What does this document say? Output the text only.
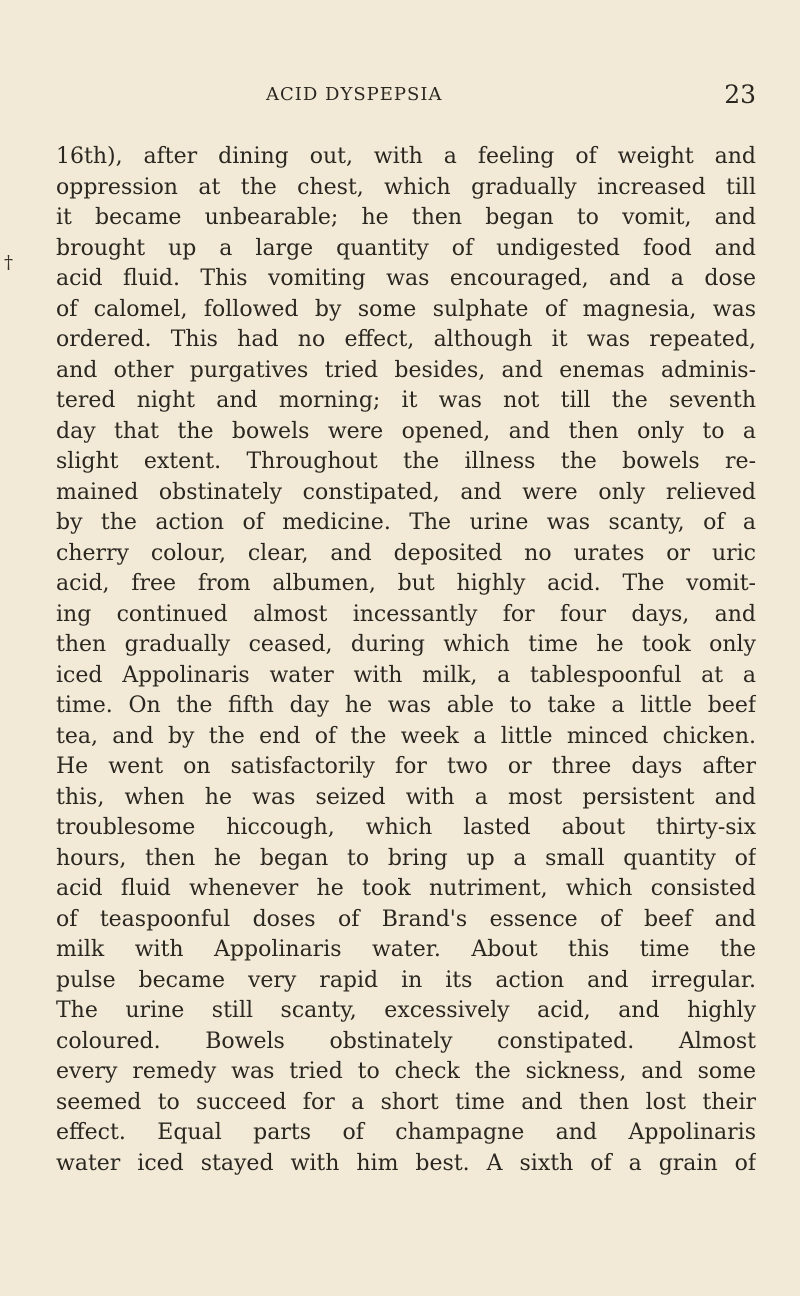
ACID DYSPEPSIA	23
†
16th), after dining out, with a feeling of weight and
oppression at the chest, which gradually increased till
it became unbearable; he then began to vomit, and
brought up a large quantity of undigested food and
acid fluid. This vomiting was encouraged, and a dose
of calomel, followed by some sulphate of magnesia, was
ordered. This had no effect, although it was repeated,
and other purgatives tried besides, and enemas adminis-
tered night and morning; it was not till the seventh
day that the bowels were opened, and then only to a
slight extent. Throughout the illness the bowels re-
mained obstinately constipated, and were only relieved
by the action of medicine. The urine was scanty, of a
cherry colour, clear, and deposited no urates or uric
acid, free from albumen, but highly acid. The vomit-
ing continued almost incessantly for four days, and
then gradually ceased, during which time he took only
iced Appolinaris water with milk, a tablespoonful at a
time. On the fifth day he was able to take a little beef
tea, and by the end of the week a little minced chicken.
He went on satisfactorily for two or three days after
this, when he was seized with a most persistent and
troublesome hiccough, which lasted about thirty-six
hours, then he began to bring up a small quantity of
acid fluid whenever he took nutriment, which consisted
of teaspoonful doses of Brand's essence of beef and
milk with Appolinaris water. About this time the
pulse became very rapid in its action and irregular.
The urine still scanty, excessively acid, and highly
coloured. Bowels obstinately constipated. Almost
every remedy was tried to check the sickness, and some
seemed to succeed for a short time and then lost their
effect. Equal parts of champagne and Appolinaris
water iced stayed with him best. A sixth of a grain of
